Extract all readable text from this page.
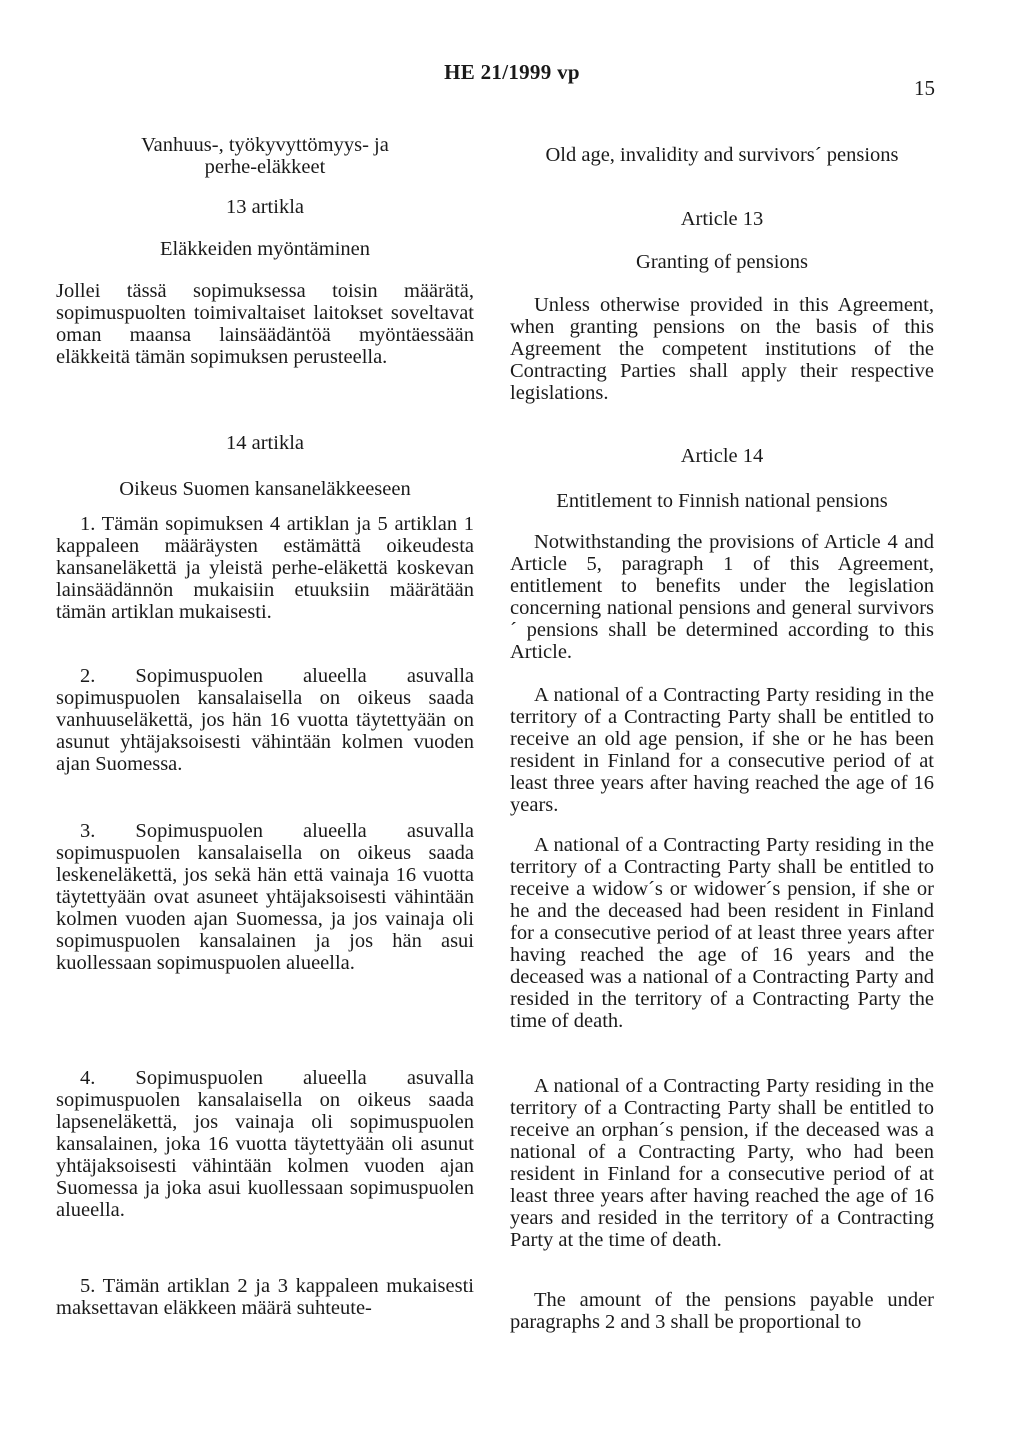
HE 21/1999 vp
15
Vanhuus-, työkyvyttömyys- ja
perhe-eläkkeet
13 artikla
Eläkkeiden myöntäminen

Jollei tässä sopimuksessa toisin määrätä, sopimuspuolten toimivaltaiset laitokset soveltavat oman maansa lainsäädäntöä myöntäessään eläkkeitä tämän sopimuksen perusteella.

14 artikla
Oikeus Suomen kansaneläkkeeseen

1. Tämän sopimuksen 4 artiklan ja 5 artiklan 1 kappaleen määräysten estämättä oikeudesta kansaneläkettä ja yleistä perhe-eläkettä koskevan lainsäädännön mukaisiin etuuksiin määrätään tämän artiklan mukaisesti.

2. Sopimuspuolen alueella asuvalla sopimuspuolen kansalaisella on oikeus saada vanhuuseläkettä, jos hän 16 vuotta täytettyään on asunut yhtäjaksoisesti vähintään kolmen vuoden ajan Suomessa.

3. Sopimuspuolen alueella asuvalla sopimuspuolen kansalaisella on oikeus saada leskeneläkettä, jos sekä hän että vainaja 16 vuotta täytettyään ovat asuneet yhtäjaksoisesti vähintään kolmen vuoden ajan Suomessa, ja jos vainaja oli sopimuspuolen kansalainen ja jos hän asui kuollessaan sopimuspuolen alueella.

4. Sopimuspuolen alueella asuvalla sopimuspuolen kansalaisella on oikeus saada lapseneläkettä, jos vainaja oli sopimuspuolen kansalainen, joka 16 vuotta täytettyään oli asunut yhtäjaksoisesti vähintään kolmen vuoden ajan Suomessa ja joka asui kuollessaan sopimuspuolen alueella.

5. Tämän artiklan 2 ja 3 kappaleen mukaisesti maksettavan eläkkeen määrä suhteute-

Old age, invalidity and survivors´ pensions
Article 13
Granting of pensions

Unless otherwise provided in this Agreement, when granting pensions on the basis of this Agreement the competent institutions of the Contracting Parties shall apply their respective legislations.

Article 14
Entitlement to Finnish national pensions

Notwithstanding the provisions of Article 4 and Article 5, paragraph 1 of this Agreement, entitlement to benefits under the legislation concerning national pensions and general survivors´ pensions shall be determined according to this Article.

A national of a Contracting Party residing in the territory of a Contracting Party shall be entitled to receive an old age pension, if she or he has been resident in Finland for a consecutive period of at least three years after having reached the age of 16 years.

A national of a Contracting Party residing in the territory of a Contracting Party shall be entitled to receive a widow´s or widower´s pension, if she or he and the deceased had been resident in Finland for a consecutive period of at least three years after having reached the age of 16 years and the deceased was a national of a Contracting Party and resided in the territory of a Contracting Party the time of death.

A national of a Contracting Party residing in the territory of a Contracting Party shall be entitled to receive an orphan´s pension, if the deceased was a national of a Contracting Party, who had been resident in Finland for a consecutive period of at least three years after having reached the age of 16 years and resided in the territory of a Contracting Party at the time of death.

The amount of the pensions payable under paragraphs 2 and 3 shall be proportional to
